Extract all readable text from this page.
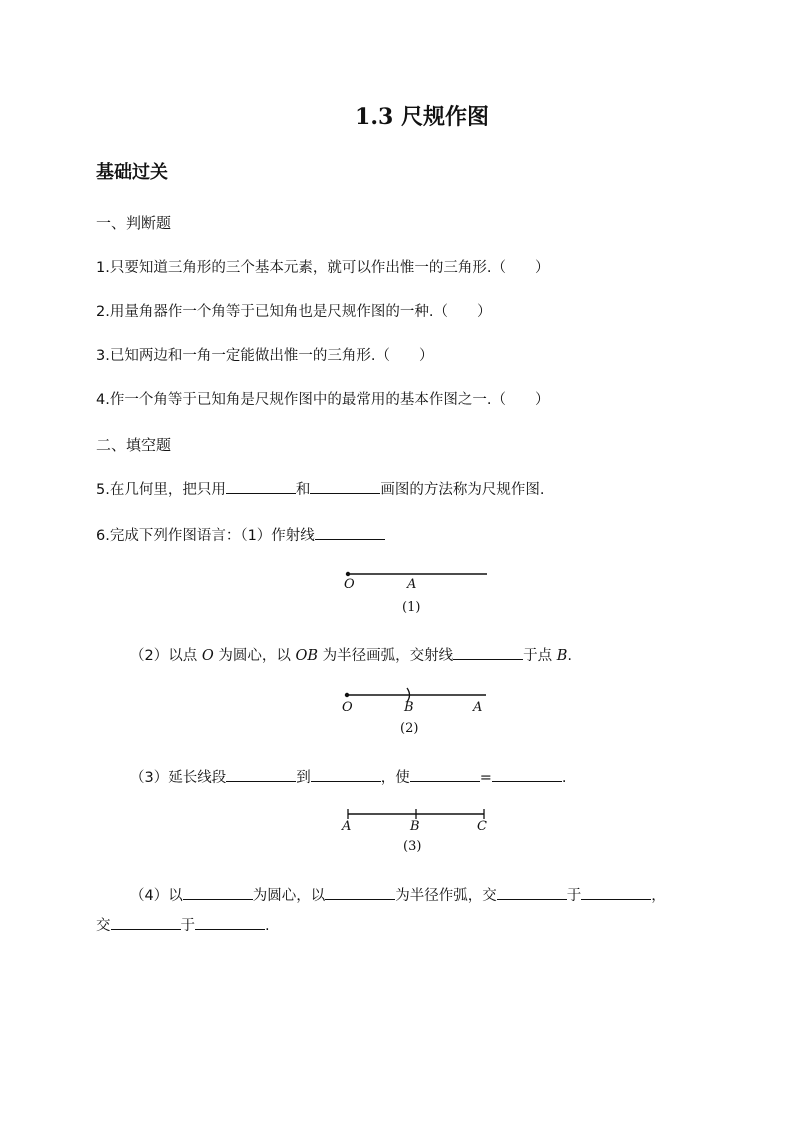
1.3 尺规作图
基础过关
一、判断题
1.只要知道三角形的三个基本元素，就可以作出惟一的三角形.（　　）
2.用量角器作一个角等于已知角也是尺规作图的一种.（　　）
3.已知两边和一角一定能做出惟一的三角形.（　　）
4.作一个角等于已知角是尺规作图中的最常用的基本作图之一.（　　）
二、填空题
5.在几何里，把只用	和	画图的方法称为尺规作图.
6.完成下列作图语言：（1）作射线
O	A
(1)
（2）以点 O 为圆心，以 OB 为半径画弧，交射线	于点 B.
O	B	A
(2)
（3）延长线段	到	，使	=	.
A	B	C
(3)
（4）以	为圆心，以	为半径作弧，交	于	，
交	于	.
